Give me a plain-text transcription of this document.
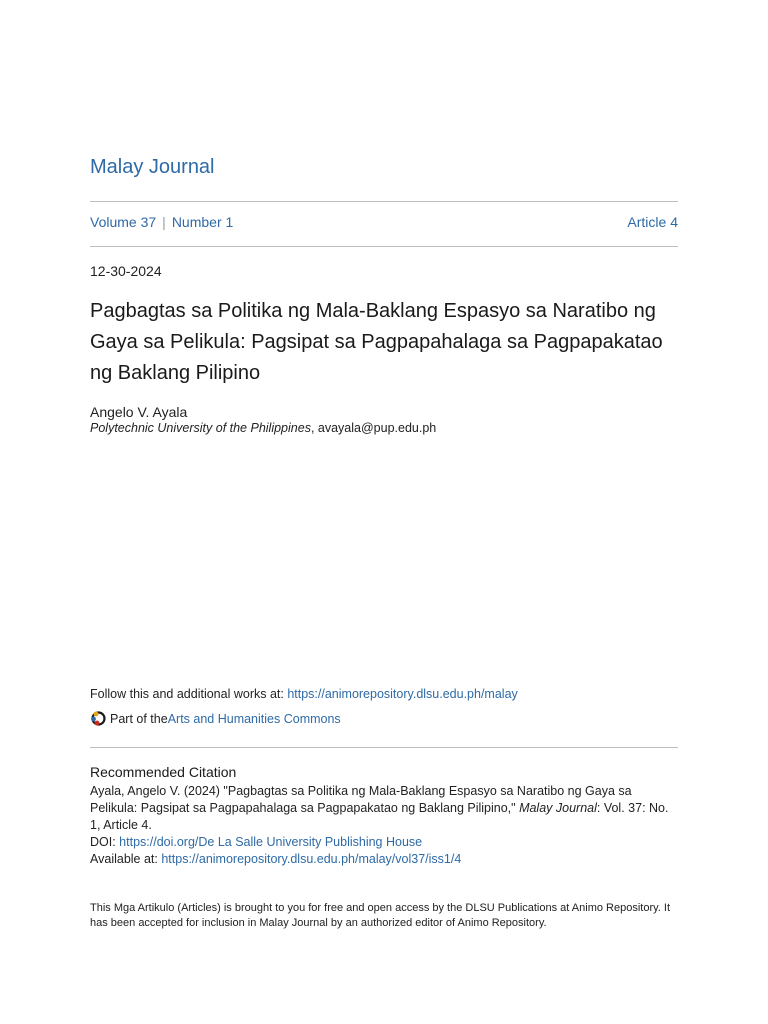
Malay Journal
Volume 37 | Number 1	Article 4
12-30-2024
Pagbagtas sa Politika ng Mala-Baklang Espasyo sa Naratibo ng Gaya sa Pelikula: Pagsipat sa Pagpapahalaga sa Pagpapakatao ng Baklang Pilipino
Angelo V. Ayala
Polytechnic University of the Philippines, avayala@pup.edu.ph
Follow this and additional works at: https://animorepository.dlsu.edu.ph/malay
Part of the Arts and Humanities Commons
Recommended Citation
Ayala, Angelo V. (2024) "Pagbagtas sa Politika ng Mala-Baklang Espasyo sa Naratibo ng Gaya sa Pelikula: Pagsipat sa Pagpapahalaga sa Pagpapakatao ng Baklang Pilipino," Malay Journal: Vol. 37: No. 1, Article 4.
DOI: https://doi.org/De La Salle University Publishing House
Available at: https://animorepository.dlsu.edu.ph/malay/vol37/iss1/4
This Mga Artikulo (Articles) is brought to you for free and open access by the DLSU Publications at Animo Repository. It has been accepted for inclusion in Malay Journal by an authorized editor of Animo Repository.
